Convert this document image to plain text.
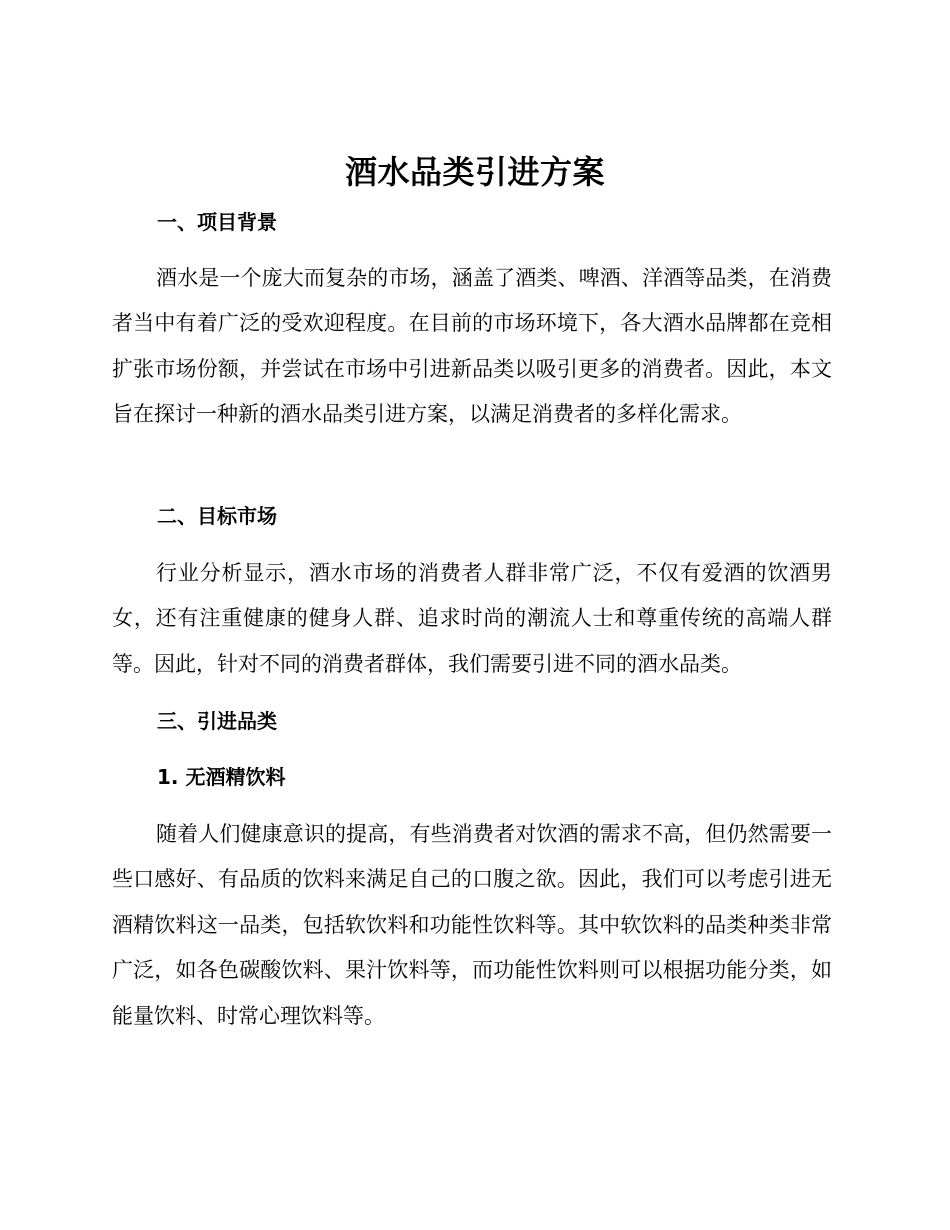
酒水品类引进方案
一、项目背景
酒水是一个庞大而复杂的市场，涵盖了酒类、啤酒、洋酒等品类，在消费者当中有着广泛的受欢迎程度。在目前的市场环境下，各大酒水品牌都在竞相扩张市场份额，并尝试在市场中引进新品类以吸引更多的消费者。因此，本文旨在探讨一种新的酒水品类引进方案，以满足消费者的多样化需求。
二、目标市场
行业分析显示，酒水市场的消费者人群非常广泛，不仅有爱酒的饮酒男女，还有注重健康的健身人群、追求时尚的潮流人士和尊重传统的高端人群等。因此，针对不同的消费者群体，我们需要引进不同的酒水品类。
三、引进品类
1. 无酒精饮料
随着人们健康意识的提高，有些消费者对饮酒的需求不高，但仍然需要一些口感好、有品质的饮料来满足自己的口腹之欲。因此，我们可以考虑引进无酒精饮料这一品类，包括软饮料和功能性饮料等。其中软饮料的品类种类非常广泛，如各色碳酸饮料、果汁饮料等，而功能性饮料则可以根据功能分类，如能量饮料、时常心理饮料等。
